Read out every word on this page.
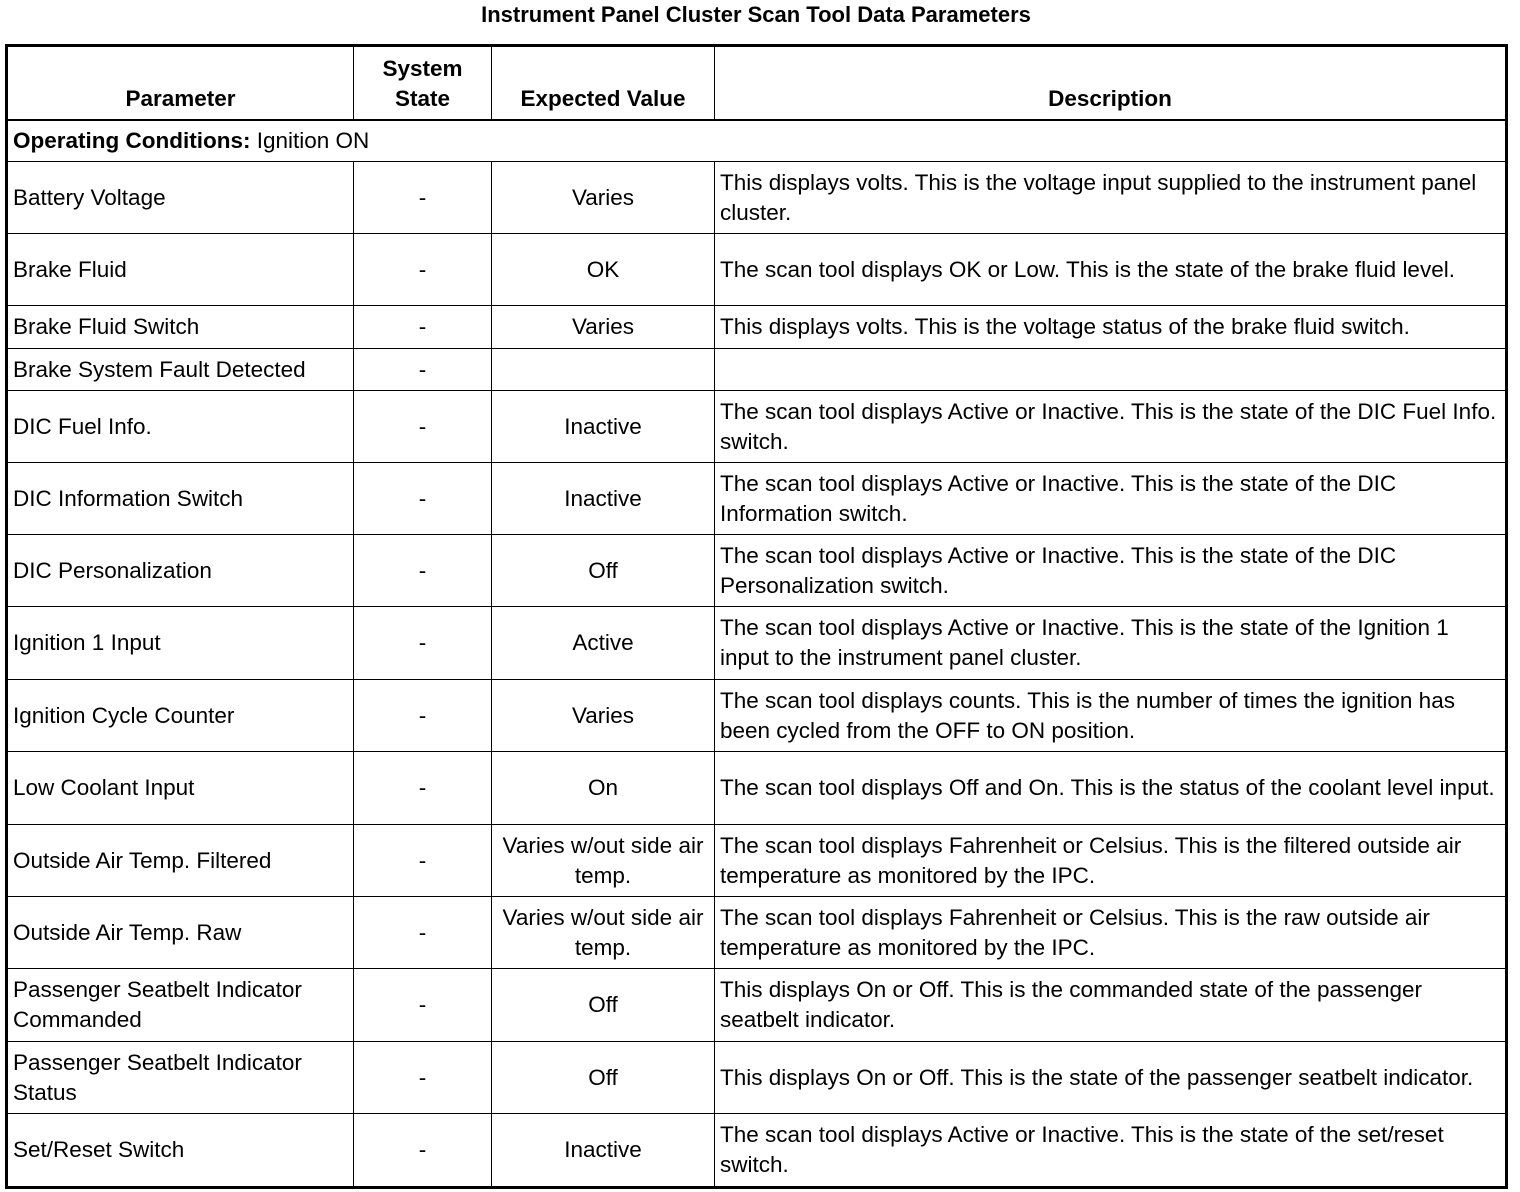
Instrument Panel Cluster Scan Tool Data Parameters
Parameter	System State	Expected Value	Description
Operating Conditions: Ignition ON			
Battery Voltage	-	Varies	This displays volts. This is the voltage input supplied to the instrument panel cluster.
Brake Fluid	-	OK	The scan tool displays OK or Low. This is the state of the brake fluid level.
Brake Fluid Switch	-	Varies	This displays volts. This is the voltage status of the brake fluid switch.
Brake System Fault Detected	-		
DIC Fuel Info.	-	Inactive	The scan tool displays Active or Inactive. This is the state of the DIC Fuel Info. switch.
DIC Information Switch	-	Inactive	The scan tool displays Active or Inactive. This is the state of the DIC Information switch.
DIC Personalization	-	Off	The scan tool displays Active or Inactive. This is the state of the DIC Personalization switch.
Ignition 1 Input	-	Active	The scan tool displays Active or Inactive. This is the state of the Ignition 1 input to the instrument panel cluster.
Ignition Cycle Counter	-	Varies	The scan tool displays counts. This is the number of times the ignition has been cycled from the OFF to ON position.
Low Coolant Input	-	On	The scan tool displays Off and On. This is the status of the coolant level input.
Outside Air Temp. Filtered	-	Varies w/out side air temp.	The scan tool displays Fahrenheit or Celsius. This is the filtered outside air temperature as monitored by the IPC.
Outside Air Temp. Raw	-	Varies w/out side air temp.	The scan tool displays Fahrenheit or Celsius. This is the raw outside air temperature as monitored by the IPC.
Passenger Seatbelt Indicator Commanded	-	Off	This displays On or Off. This is the commanded state of the passenger seatbelt indicator.
Passenger Seatbelt Indicator Status	-	Off	This displays On or Off. This is the state of the passenger seatbelt indicator.
Set/Reset Switch	-	Inactive	The scan tool displays Active or Inactive. This is the state of the set/reset switch.
